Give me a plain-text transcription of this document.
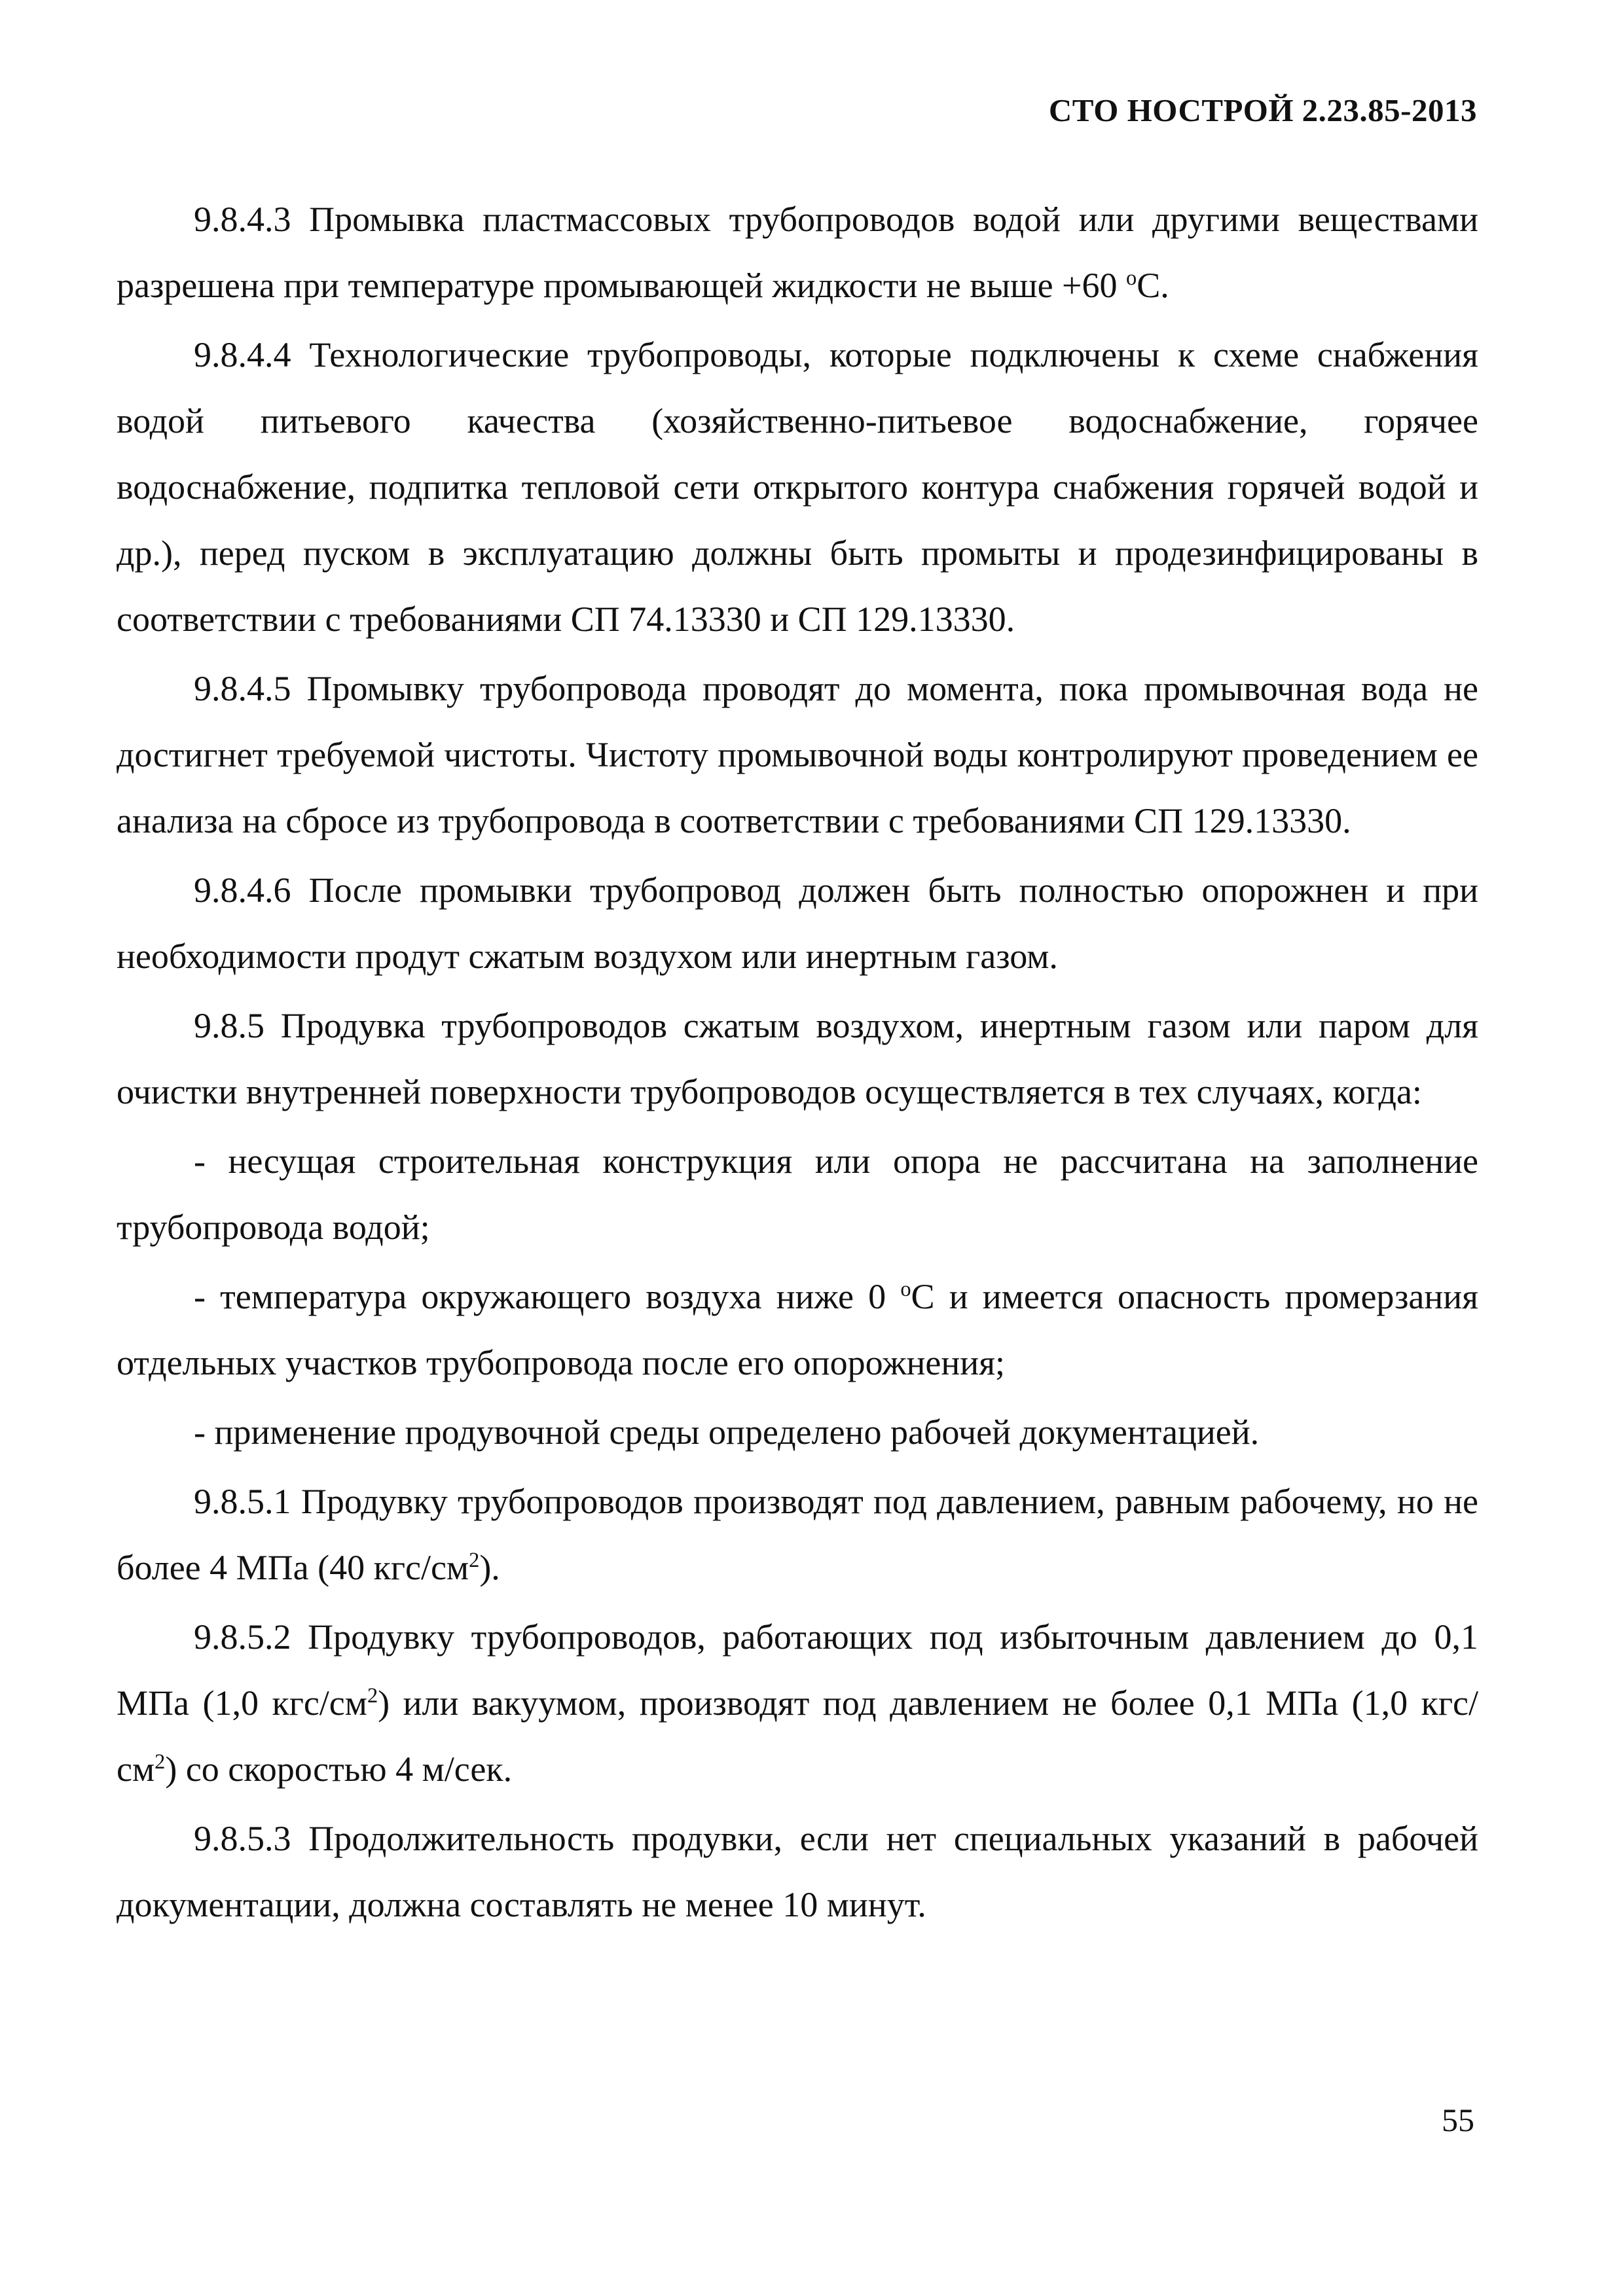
СТО НОСТРОЙ 2.23.85-2013

9.8.4.3 Промывка пластмассовых трубопроводов водой или другими веществами разрешена при температуре промывающей жидкости не выше +60 $^о$С.

9.8.4.4 Технологические трубопроводы, которые подключены к схеме снабжения водой питьевого качества (хозяйственно-питьевое водоснабжение, горячее водоснабжение, подпитка тепловой сети открытого контура снабжения горячей водой и др.), перед пуском в эксплуатацию должны быть промыты и продезинфицированы в соответствии с требованиями СП 74.13330 и СП 129.13330.

9.8.4.5 Промывку трубопровода проводят до момента, пока промывочная вода не достигнет требуемой чистоты. Чистоту промывочной воды контролируют проведением ее анализа на сбросе из трубопровода в соответствии с требованиями СП 129.13330.

9.8.4.6 После промывки трубопровод должен быть полностью опорожнен и при необходимости продут сжатым воздухом или инертным газом.

9.8.5 Продувка трубопроводов сжатым воздухом, инертным газом или паром для очистки внутренней поверхности трубопроводов осуществляется в тех случаях, когда:

- несущая строительная конструкция или опора не рассчитана на заполнение трубопровода водой;

- температура окружающего воздуха ниже 0 $^о$С и имеется опасность промерзания отдельных участков трубопровода после его опорожнения;

- применение продувочной среды определено рабочей документацией.

9.8.5.1 Продувку трубопроводов производят под давлением, равным рабочему, но не более 4 МПа (40 кгс/$см^2$).

9.8.5.2 Продувку трубопроводов, работающих под избыточным давлением до 0,1 МПа (1,0 кгс/$см^2$) или вакуумом, производят под давлением не более 0,1 МПа (1,0 кгс/$см^2$) со скоростью 4 м/сек.

9.8.5.3 Продолжительность продувки, если нет специальных указаний в рабочей документации, должна составлять не менее 10 минут.

55
